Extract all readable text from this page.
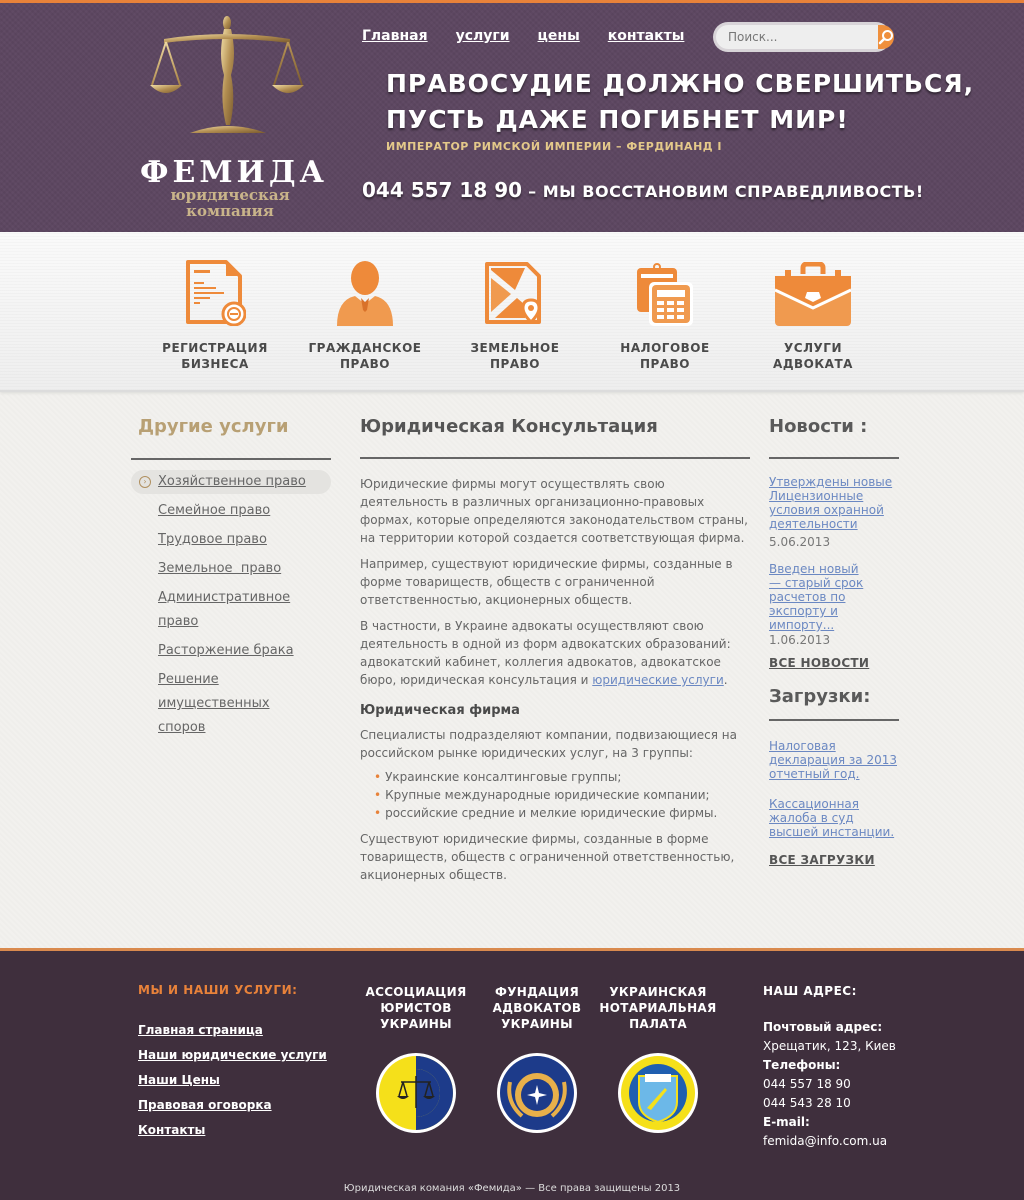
ФЕМИДА
юридическая
компания
Главная услуги цены контакты
Поиск...
ПРАВОСУДИЕ ДОЛЖНО СВЕРШИТЬСЯ,
ПУСТЬ ДАЖЕ ПОГИБНЕТ МИР!
ИМПЕРАТОР РИМСКОЙ ИМПЕРИИ – ФЕРДИНАНД I
044 557 18 90 – МЫ ВОССТАНОВИМ СПРАВЕДЛИВОСТЬ!
РЕГИСТРАЦИЯ
БИЗНЕСА
ГРАЖДАНСКОЕ
ПРАВО
ЗЕМЕЛЬНОЕ
ПРАВО
НАЛОГОВОЕ
ПРАВО
УСЛУГИ
АДВОКАТА
Другие услуги
› Хозяйственное право
Семейное право
Трудовое право
Земельное  право
Административное право
Расторжение брака
Решение имущественных споров
Юридическая Консультация

Юридические фирмы могут осуществлять свою деятельность в различных организационно-правовых формах, которые определяются законодательством страны, на территории которой создается соответствующая фирма.

Например, существуют юридические фирмы, созданные в форме товариществ, обществ с ограниченной ответственностью, акционерных обществ.

В частности, в Украине адвокаты осуществляют свою деятельность в одной из форм адвокатских образований: адвокатский кабинет, коллегия адвокатов, адвокатское бюро, юридическая консультация и юридические услуги.

Юридическая фирма

Специалисты подразделяют компании, подвизающиеся на российском рынке юридических услуг, на 3 группы:

• Украинские консалтинговые группы;
• Крупные международные юридические компании;
• российские средние и мелкие юридические фирмы.

Существуют юридические фирмы, созданные в форме товариществ, обществ с ограниченной ответственностью, акционерных обществ.

Новости :
Утверждены новые Лицензионные условия охранной деятельности
5.06.2013
Введен новый — старый срок расчетов по экспорту и импорту...
1.06.2013
ВСЕ НОВОСТИ
Загрузки:
Налоговая декларация за 2013 отчетный год.
Кассационная жалоба в суд высшей инстанции.
ВСЕ ЗАГРУЗКИ
МЫ И НАШИ УСЛУГИ:
Главная страница
Наши юридические услуги
Наши Цены
Правовая оговорка
Контакты
АССОЦИАЦИЯ
ЮРИСТОВ
УКРАИНЫ
ФУНДАЦИЯ
АДВОКАТОВ
УКРАИНЫ
УКРАИНСКАЯ
НОТАРИАЛЬНАЯ
ПАЛАТА
НАШ АДРЕС:
Почтовый адрес:
Хрещатик, 123, Киев
Телефоны:
044 557 18 90
044 543 28 10
E-mail:
femida@info.com.ua
Юридическая комания «Фемида» — Все права защищены 2013
